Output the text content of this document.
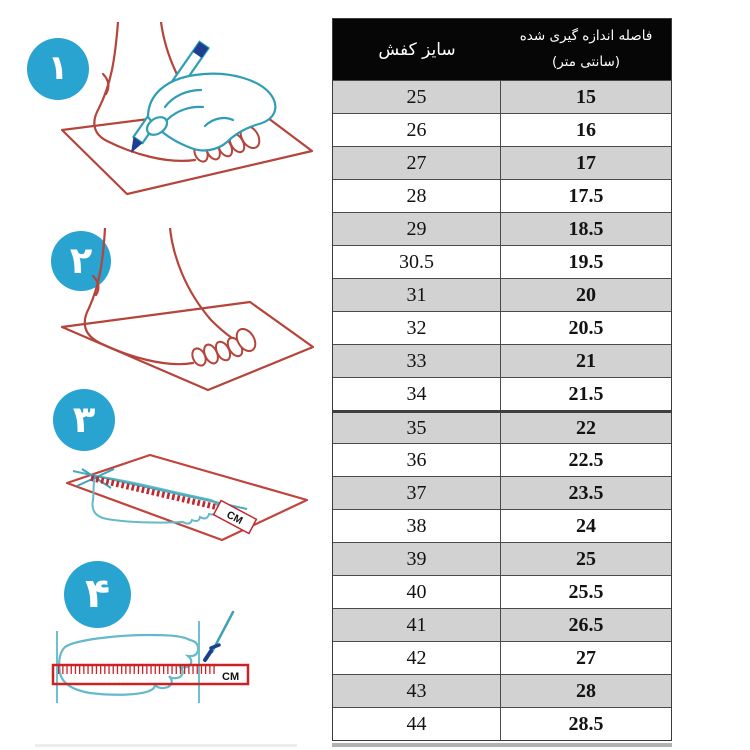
۱
۲
۳
CM
۴
CM
سایز کفش
فاصله اندازه گیری شده
(سانتی متر)
25	15
26	16
27	17
28	17.5
29	18.5
30.5	19.5
31	20
32	20.5
33	21
34	21.5
35	22
36	22.5
37	23.5
38	24
39	25
40	25.5
41	26.5
42	27
43	28
44	28.5
